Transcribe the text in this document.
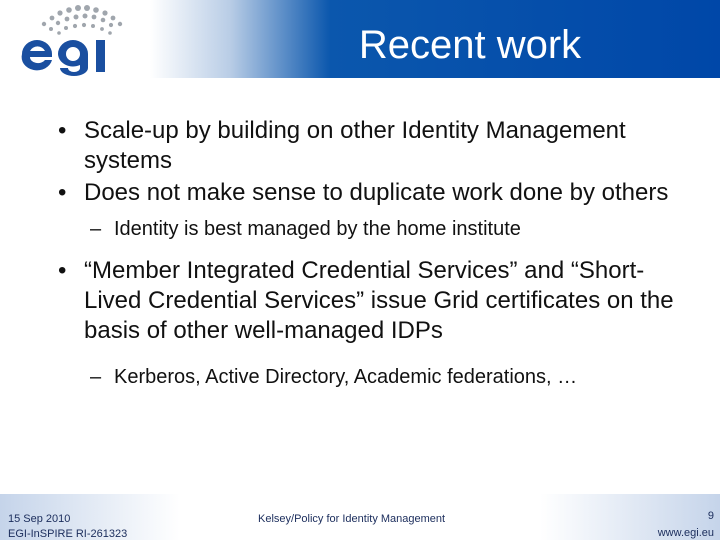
Recent work
• Scale-up by building on other Identity Management systems
• Does not make sense to duplicate work done by others
– Identity is best managed by the home institute
• “Member Integrated Credential Services” and “Short-Lived Credential Services” issue Grid certificates on the basis of other well-managed IDPs
– Kerberos, Active Directory, Academic federations, …
15 Sep 2010
EGI-InSPIRE RI-261323
Kelsey/Policy for Identity Management	9
www.egi.eu
